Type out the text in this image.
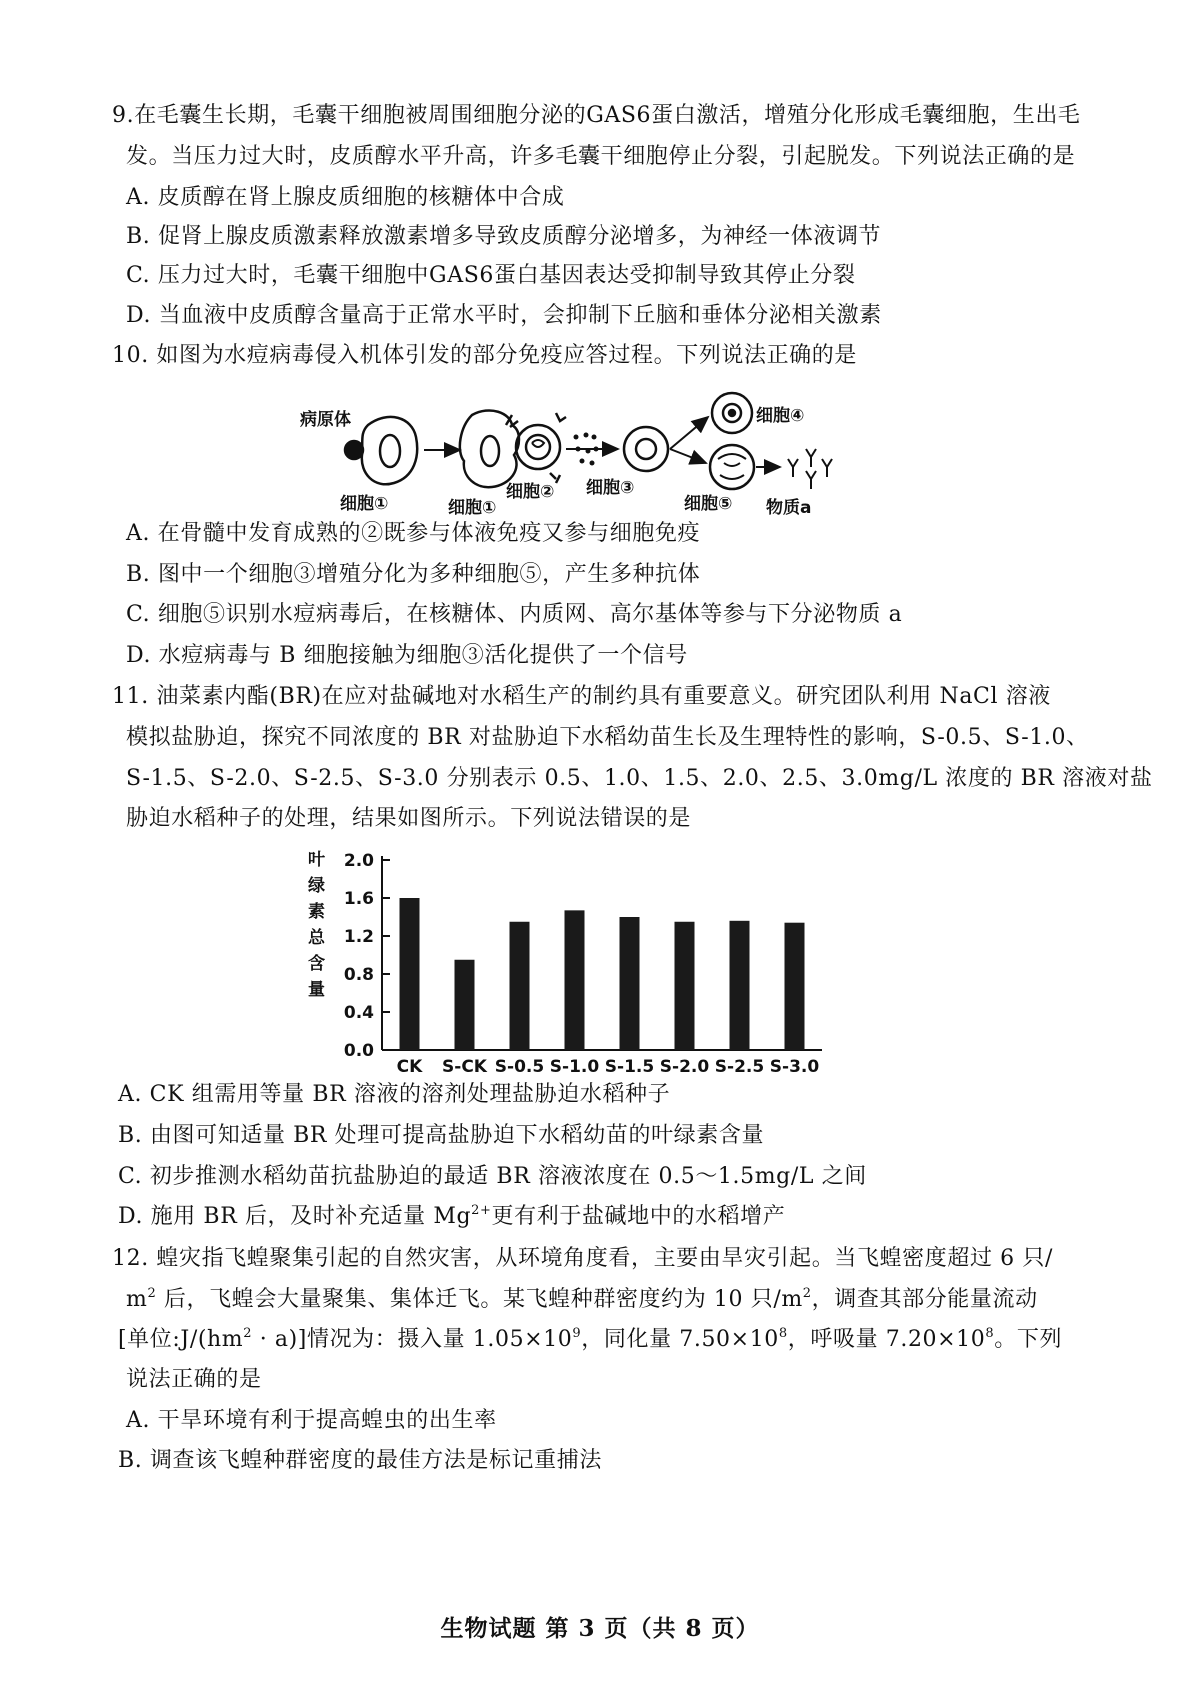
9.在毛囊生长期，毛囊干细胞被周围细胞分泌的GAS6蛋白激活，增殖分化形成毛囊细胞，生出毛
发。当压力过大时，皮质醇水平升高，许多毛囊干细胞停止分裂，引起脱发。下列说法正确的是
A. 皮质醇在肾上腺皮质细胞的核糖体中合成
B. 促肾上腺皮质激素释放激素增多导致皮质醇分泌增多，为神经一体液调节
C. 压力过大时，毛囊干细胞中GAS6蛋白基因表达受抑制导致其停止分裂
D. 当血液中皮质醇含量高于正常水平时，会抑制下丘脑和垂体分泌相关激素
10. 如图为水痘病毒侵入机体引发的部分免疫应答过程。下列说法正确的是
病原体
细胞①	细胞①
细胞② 细胞③
细胞④
细胞⑤ 物质a
A. 在骨髓中发育成熟的②既参与体液免疫又参与细胞免疫
B. 图中一个细胞③增殖分化为多种细胞⑤，产生多种抗体
C. 细胞⑤识别水痘病毒后，在核糖体、内质网、高尔基体等参与下分泌物质 a
D. 水痘病毒与 B 细胞接触为细胞③活化提供了一个信号
11. 油菜素内酯(BR)在应对盐碱地对水稻生产的制约具有重要意义。研究团队利用 NaCl 溶液
模拟盐胁迫，探究不同浓度的 BR 对盐胁迫下水稻幼苗生长及生理特性的影响，S-0.5、S-1.0、
S-1.5、S-2.0、S-2.5、S-3.0 分别表示 0.5、1.0、1.5、2.0、2.5、3.0mg/L 浓度的 BR 溶液对盐
胁迫水稻种子的处理，结果如图所示。下列说法错误的是
叶
绿
素
总
含
量
0.0
0.4
0.8
1.2
1.6
2.0
CK S-CK S-0.5 S-1.0 S-1.5 S-2.0 S-2.5 S-3.0
A. CK 组需用等量 BR 溶液的溶剂处理盐胁迫水稻种子
B. 由图可知适量 BR 处理可提高盐胁迫下水稻幼苗的叶绿素含量
C. 初步推测水稻幼苗抗盐胁迫的最适 BR 溶液浓度在 0.5～1.5mg/L 之间
D. 施用 BR 后，及时补充适量 $Mg^{2+}$更有利于盐碱地中的水稻增产
12. 蝗灾指飞蝗聚集引起的自然灾害，从环境角度看，主要由旱灾引起。当飞蝗密度超过 6 只/
$m^2$ 后，飞蝗会大量聚集、集体迁飞。某飞蝗种群密度约为 10 只$/m^2$，调查其部分能量流动
[单位$:J/(hm^2 \cdot a)$]情况为：摄入量 $1.05\times 10^9$，同化量 $7.50\times 10^8$，呼吸量 $7.20\times 10^8$。下列
说法正确的是
A. 干旱环境有利于提高蝗虫的出生率
B. 调查该飞蝗种群密度的最佳方法是标记重捕法
生物试题 第 3 页（共 8 页）
